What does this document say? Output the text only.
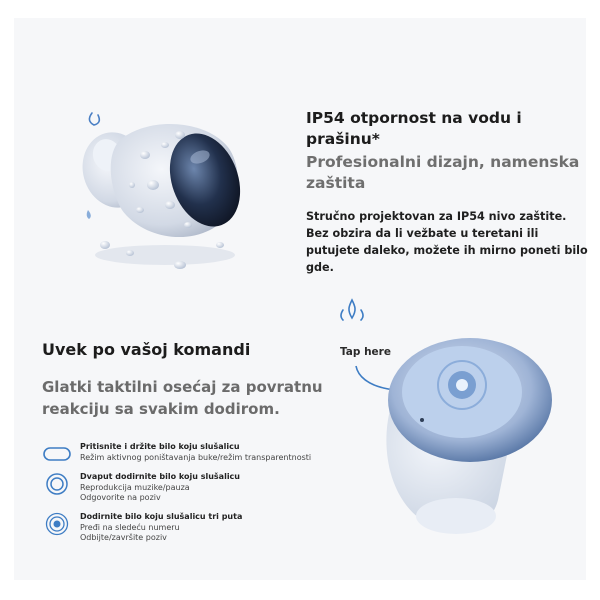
IP54 otpornost na vodu i prašinu*
Profesionalni dizajn, namenska zaštita
Stručno projektovan za IP54 nivo zaštite. Bez obzira da li vežbate u teretani ili putujete daleko, možete ih mirno poneti bilo gde.
Uvek po vašoj komandi
Glatki taktilni osećaj za povratnu reakciju sa svakim dodirom.
Pritisnite i držite bilo koju slušalicu
Režim aktivnog poništavanja buke/režim transparentnosti
Dvaput dodirnite bilo koju slušalicu
Reprodukcija muzike/pauza
Odgovorite na poziv
Dodirnite bilo koju slušalicu tri puta
Pređi na sledeću numeru
Odbijte/završite poziv
Tap here
